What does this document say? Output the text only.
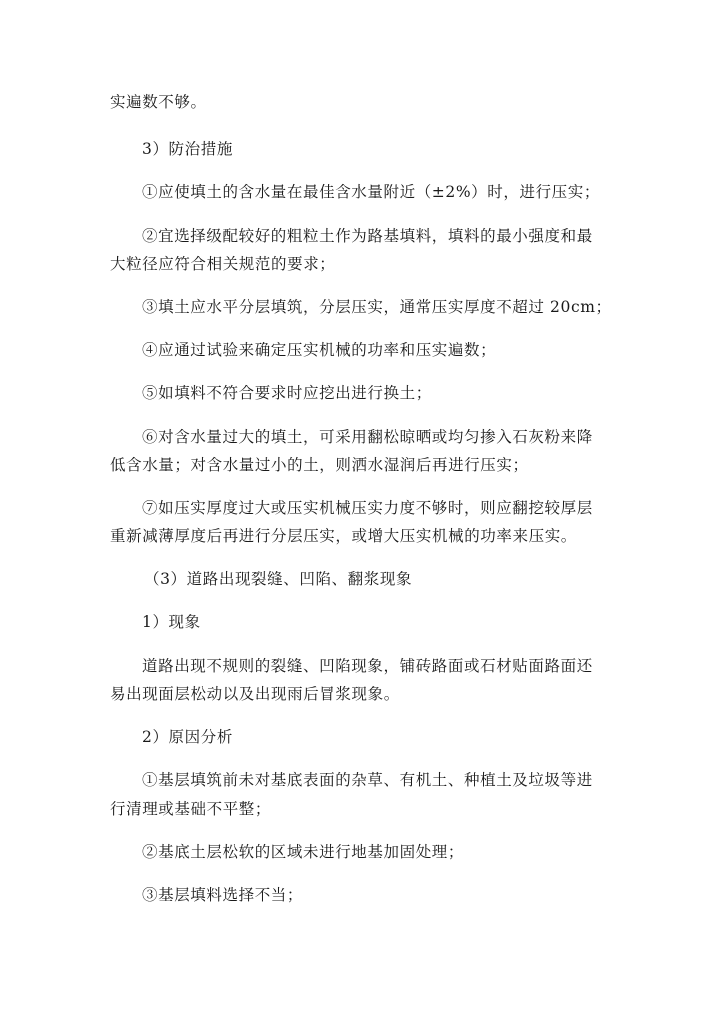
实遍数不够。
3）防治措施
①应使填土的含水量在最佳含水量附近（±2%）时，进行压实；
②宜选择级配较好的粗粒土作为路基填料，填料的最小强度和最
大粒径应符合相关规范的要求；
③填土应水平分层填筑，分层压实，通常压实厚度不超过 20cm；
④应通过试验来确定压实机械的功率和压实遍数；
⑤如填料不符合要求时应挖出进行换土；
⑥对含水量过大的填土，可采用翻松晾晒或均匀掺入石灰粉来降
低含水量；对含水量过小的土，则洒水湿润后再进行压实；
⑦如压实厚度过大或压实机械压实力度不够时，则应翻挖较厚层
重新减薄厚度后再进行分层压实，或增大压实机械的功率来压实。
（3）道路出现裂缝、凹陷、翻浆现象
1）现象
道路出现不规则的裂缝、凹陷现象，铺砖路面或石材贴面路面还
易出现面层松动以及出现雨后冒浆现象。
2）原因分析
①基层填筑前未对基底表面的杂草、有机土、种植土及垃圾等进
行清理或基础不平整；
②基底土层松软的区域未进行地基加固处理；
③基层填料选择不当；
